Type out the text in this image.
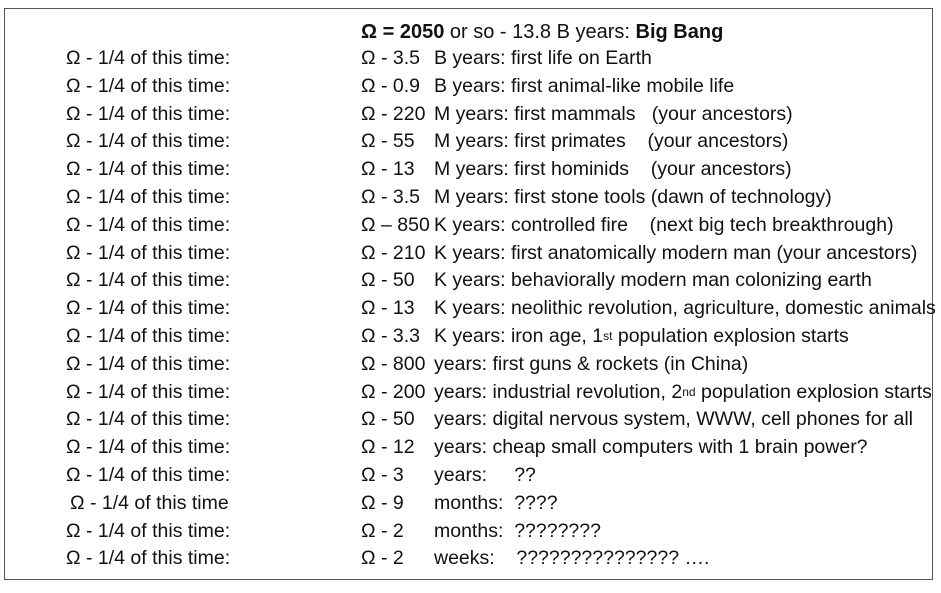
Ω = 2050 or so - 13.8 B years: Big Bang
Ω - 1/4 of this time:	Ω - 3.5 B years: first life on Earth
Ω - 1/4 of this time:	Ω - 0.9 B years: first animal-like mobile life
Ω - 1/4 of this time:	Ω - 220 M years: first mammals   (your ancestors)
Ω - 1/4 of this time:	Ω - 55 M years: first primates    (your ancestors)
Ω - 1/4 of this time:	Ω - 13 M years: first hominids    (your ancestors)
Ω - 1/4 of this time:	Ω - 3.5 M years: first stone tools (dawn of technology)
Ω - 1/4 of this time:	Ω – 850 K years: controlled fire    (next big tech breakthrough)
Ω - 1/4 of this time:	Ω - 210 K years: first anatomically modern man (your ancestors)
Ω - 1/4 of this time:	Ω - 50 K years: behaviorally modern man colonizing earth
Ω - 1/4 of this time:	Ω - 13 K years: neolithic revolution, agriculture, domestic animals
Ω - 1/4 of this time:	Ω - 3.3 K years: iron age, 1st population explosion starts
Ω - 1/4 of this time:	Ω - 800 years: first guns & rockets (in China)
Ω - 1/4 of this time:	Ω - 200 years: industrial revolution, 2nd population explosion starts
Ω - 1/4 of this time:	Ω - 50 years: digital nervous system, WWW, cell phones for all
Ω - 1/4 of this time:	Ω - 12 years: cheap small computers with 1 brain power?
Ω - 1/4 of this time:	Ω - 3	years:     ??
Ω - 1/4 of this time	Ω - 9	months:  ????
Ω - 1/4 of this time:	Ω - 2	months:  ????????
Ω - 1/4 of this time:	Ω - 2	weeks:    ??????????????? ….
